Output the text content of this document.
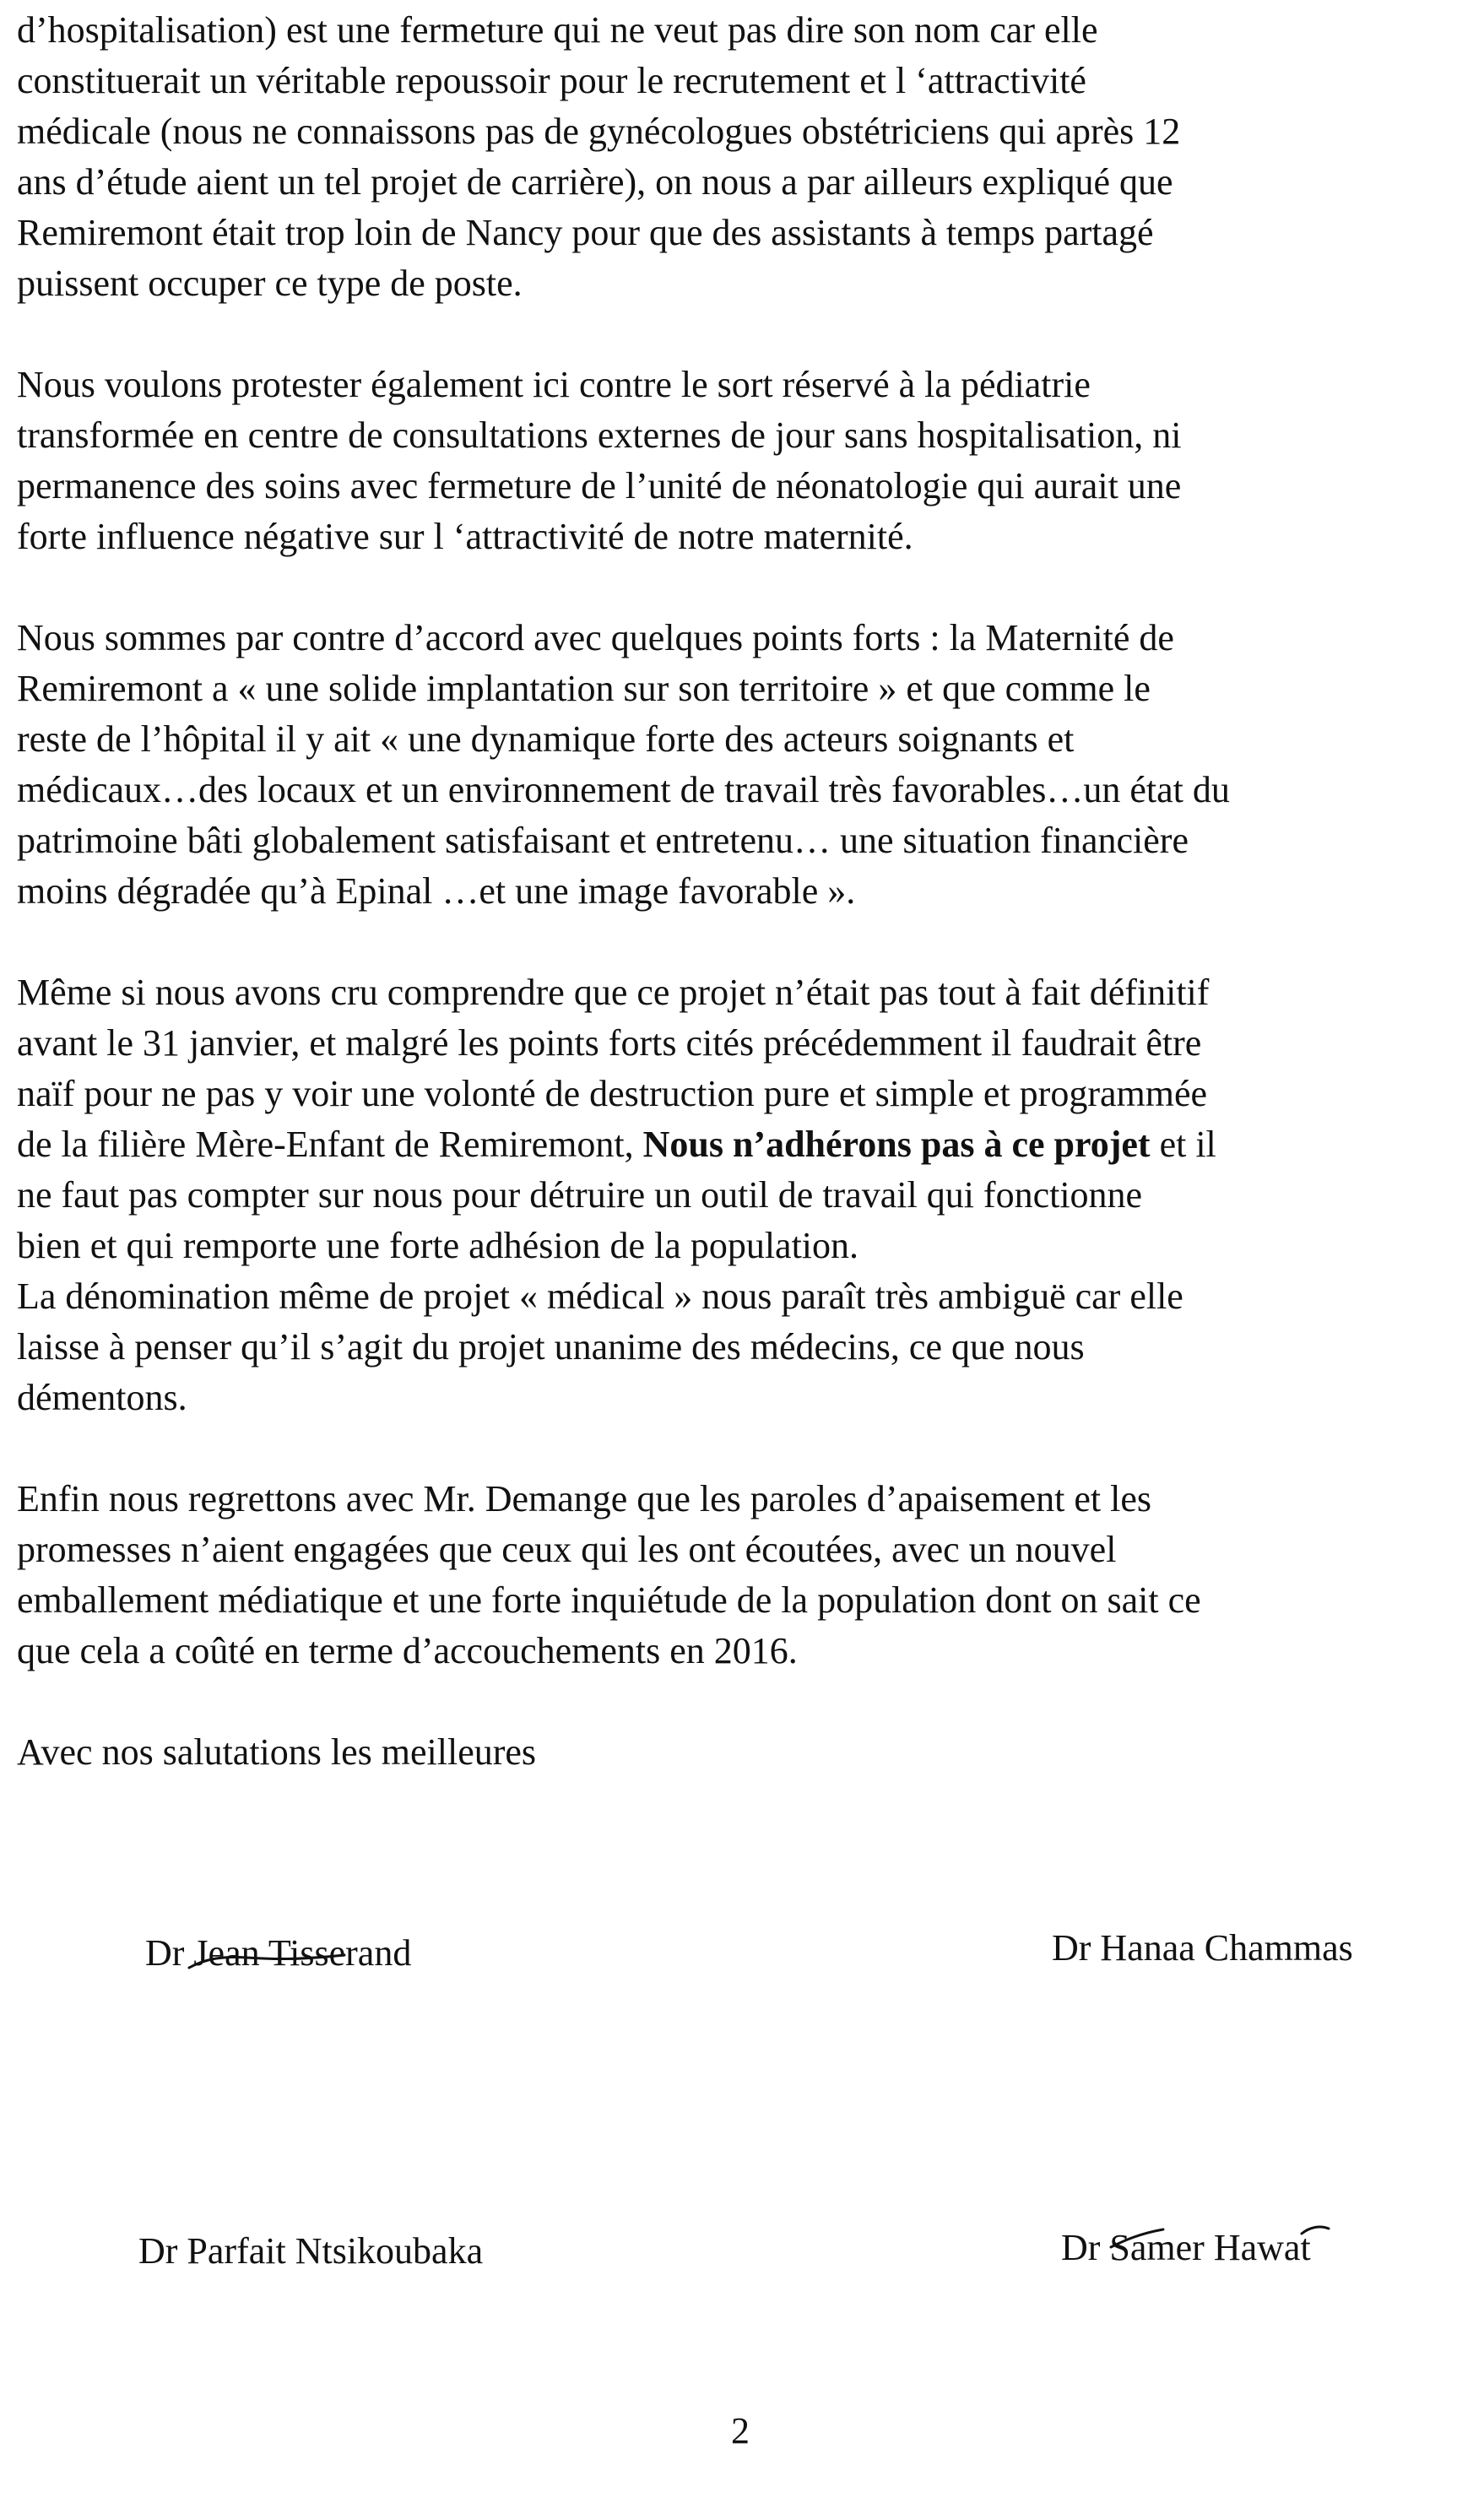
d’hospitalisation) est une fermeture qui ne veut pas dire son nom car elle
constituerait un véritable repoussoir pour le recrutement et l ‘attractivité
médicale (nous ne connaissons pas de gynécologues obstétriciens qui après 12
ans d’étude aient un tel projet de carrière), on nous a par ailleurs expliqué que
Remiremont était trop loin de Nancy pour que des assistants à temps partagé
puissent occuper ce type de poste.

Nous voulons protester également ici contre le sort réservé à la pédiatrie
transformée en centre de consultations externes de jour sans hospitalisation, ni
permanence des soins avec fermeture de l’unité de néonatologie qui aurait une
forte influence négative sur l ‘attractivité de notre maternité.

Nous sommes par contre d’accord avec quelques points forts : la Maternité de
Remiremont a « une solide implantation sur son territoire » et que comme le
reste de l’hôpital il y ait « une dynamique forte des acteurs soignants et
médicaux…des locaux et un environnement de travail très favorables…un état du
patrimoine bâti globalement satisfaisant et entretenu… une situation financière
moins dégradée qu’à Epinal …et une image favorable ».

Même si nous avons cru comprendre que ce projet n’était pas tout à fait définitif
avant le 31 janvier, et malgré les points forts cités précédemment il faudrait être
naïf pour ne pas y voir une volonté de destruction pure et simple et programmée
de la filière Mère-Enfant de Remiremont, Nous n’adhérons pas à ce projet et il
ne faut pas compter sur nous pour détruire un outil de travail qui fonctionne
bien et qui remporte une forte adhésion de la population.

La dénomination même de projet « médical » nous paraît très ambiguë car elle
laisse à penser qu’il s’agit du projet unanime des médecins, ce que nous
démentons.

Enfin nous regrettons avec Mr. Demange que les paroles d’apaisement et les
promesses n’aient engagées que ceux qui les ont écoutées, avec un nouvel
emballement médiatique et une forte inquiétude de la population dont on sait ce
que cela a coûté en terme d’accouchements en 2016.

Avec nos salutations les meilleures

Dr Jean Tisserand	Dr Hanaa Chammas
Dr Parfait Ntsikoubaka	Dr Samer Hawat
2
